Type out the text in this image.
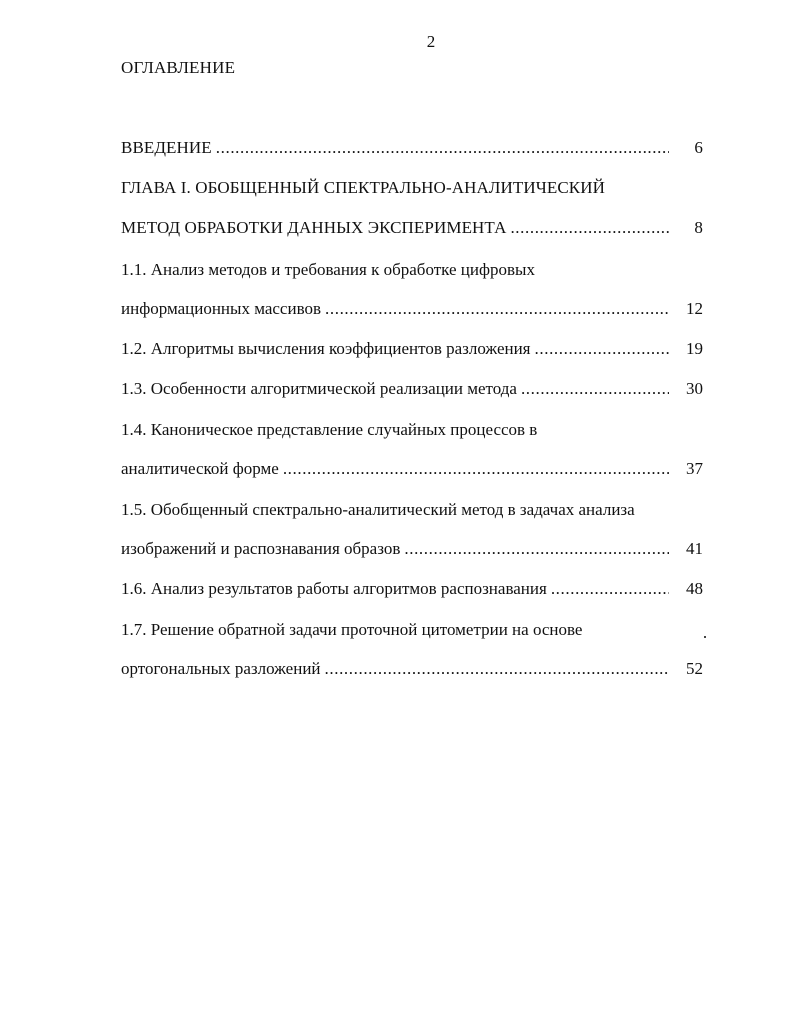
2
ОГЛАВЛЕНИЕ
ВВЕДЕНИЕ .....	6
ГЛАВА I. ОБОБЩЕННЫЙ СПЕКТРАЛЬНО-АНАЛИТИЧЕСКИЙ
МЕТОД ОБРАБОТКИ ДАННЫХ ЭКСПЕРИМЕНТА .....	8
1.1. Анализ методов и требования к обработке цифровых
информационных массивов .....	12
1.2. Алгоритмы вычисления коэффициентов разложения .....	19
1.3. Особенности алгоритмической реализации метода .....	30
1.4. Каноническое представление случайных процессов в
аналитической форме .....	37
1.5. Обобщенный спектрально-аналитический метод в задачах анализа
изображений и распознавания образов .....	41
1.6. Анализ результатов работы алгоритмов распознавания .....	48
1.7. Решение обратной задачи проточной цитометрии на основе
ортогональных разложений .....	52
